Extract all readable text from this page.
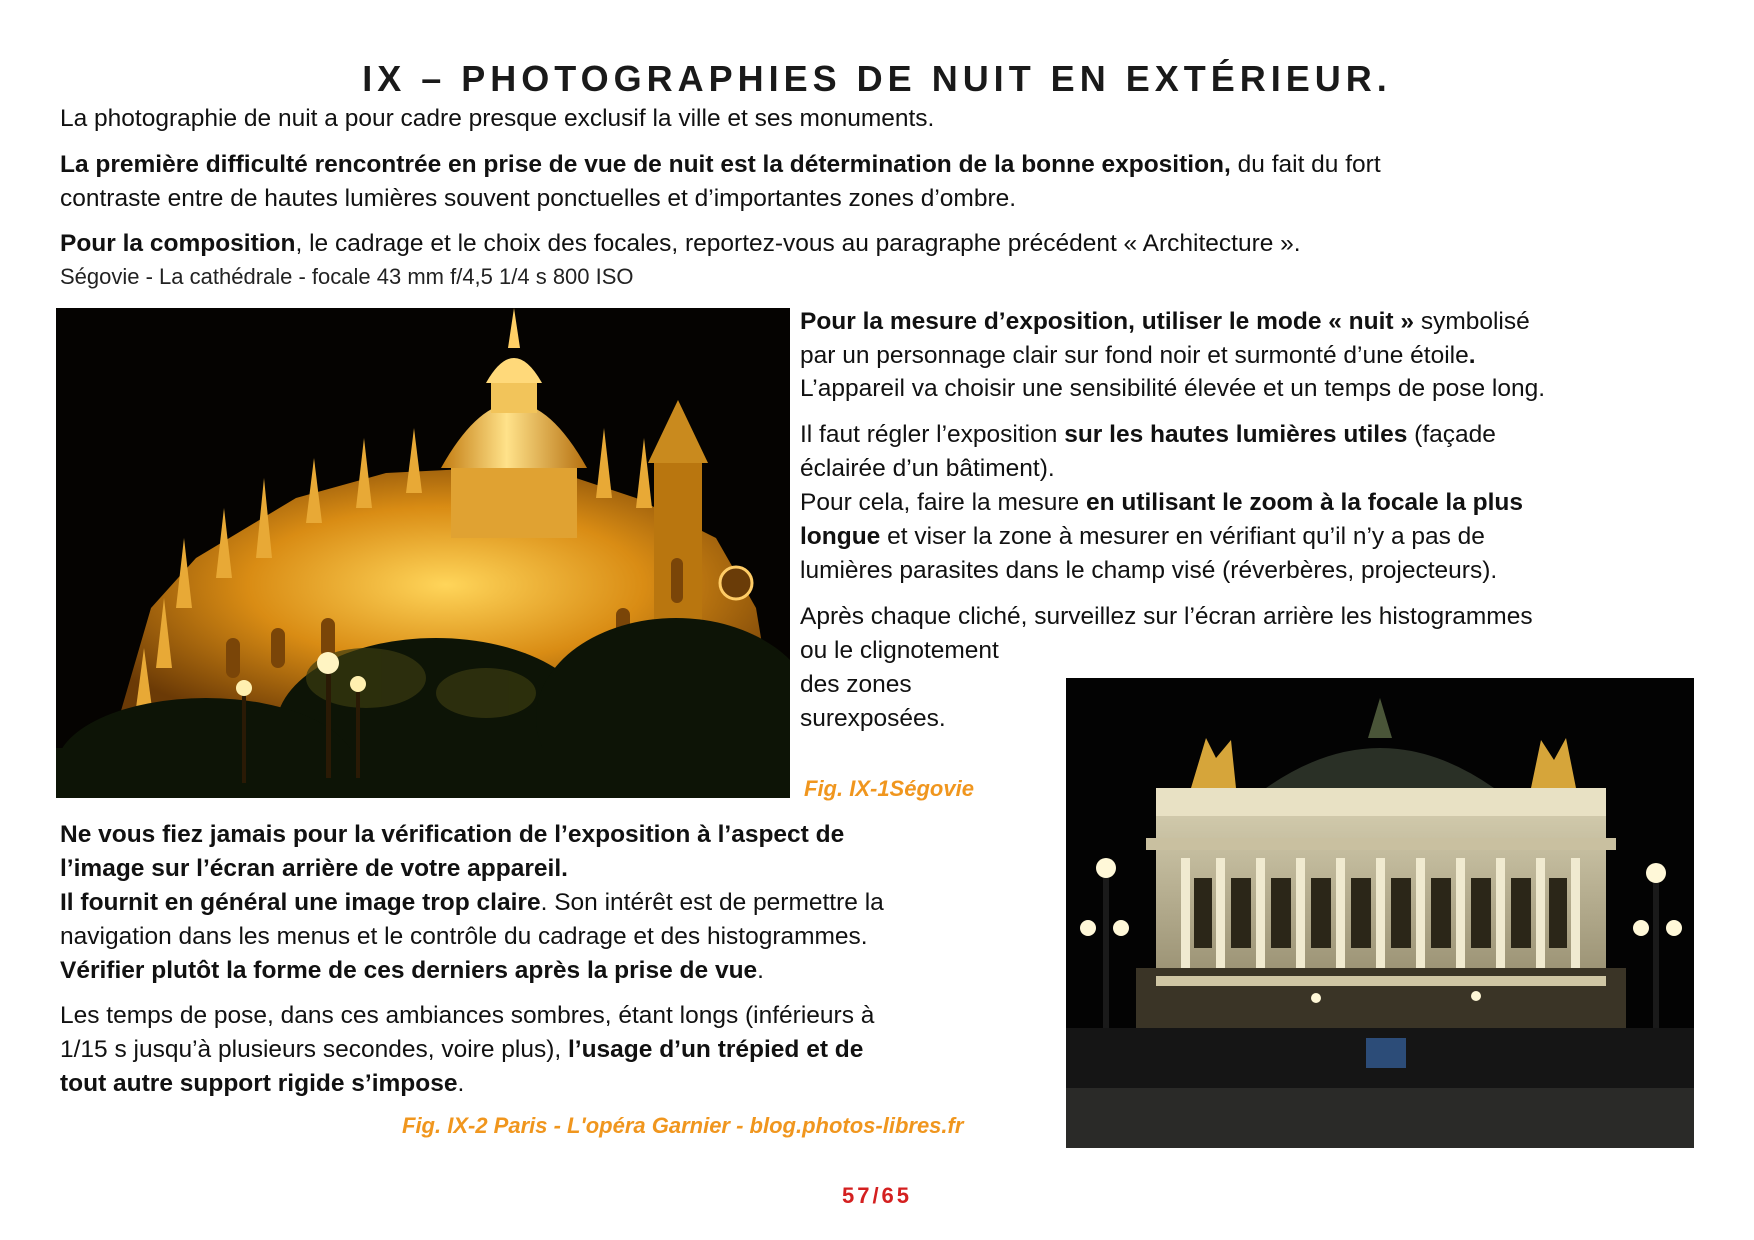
IX – PHOTOGRAPHIES DE NUIT EN EXTÉRIEUR.
La photographie de nuit a pour cadre presque exclusif la ville et ses monuments.
La première difficulté rencontrée en prise de vue de nuit est la détermination de la bonne exposition, du fait du fort
contraste entre de hautes lumières souvent ponctuelles et d’importantes zones d’ombre.
Pour la composition, le cadrage et le choix des focales, reportez-vous au paragraphe précédent « Architecture ».
Ségovie - La cathédrale - focale 43 mm f/4,5 1/4 s 800 ISO
Pour la mesure d’exposition, utiliser le mode « nuit » symbolisé
par un personnage clair sur fond noir et surmonté d’une étoile.
L’appareil va choisir une sensibilité élevée et un temps de pose long.
Il faut régler l’exposition sur les hautes lumières utiles (façade
éclairée d’un bâtiment).
Pour cela, faire la mesure en utilisant le zoom à la focale la plus
longue et viser la zone à mesurer en vérifiant qu’il n’y a pas de
lumières parasites dans le champ visé (réverbères, projecteurs).
Après chaque cliché, surveillez sur l’écran arrière les histogrammes
ou le clignotement
des zones
surexposées.
Fig. IX-1Ségovie
Ne vous fiez jamais pour la vérification de l’exposition à l’aspect de
l’image sur l’écran arrière de votre appareil.
Il fournit en général une image trop claire. Son intérêt est de permettre la
navigation dans les menus et le contrôle du cadrage et des histogrammes.
Vérifier plutôt la forme de ces derniers après la prise de vue.
Les temps de pose, dans ces ambiances sombres, étant longs (inférieurs à
1/15 s jusqu’à plusieurs secondes, voire plus), l’usage d’un trépied et de
tout autre support rigide s’impose.
Fig. IX-2 Paris - L'opéra Garnier - blog.photos-libres.fr
57/65
